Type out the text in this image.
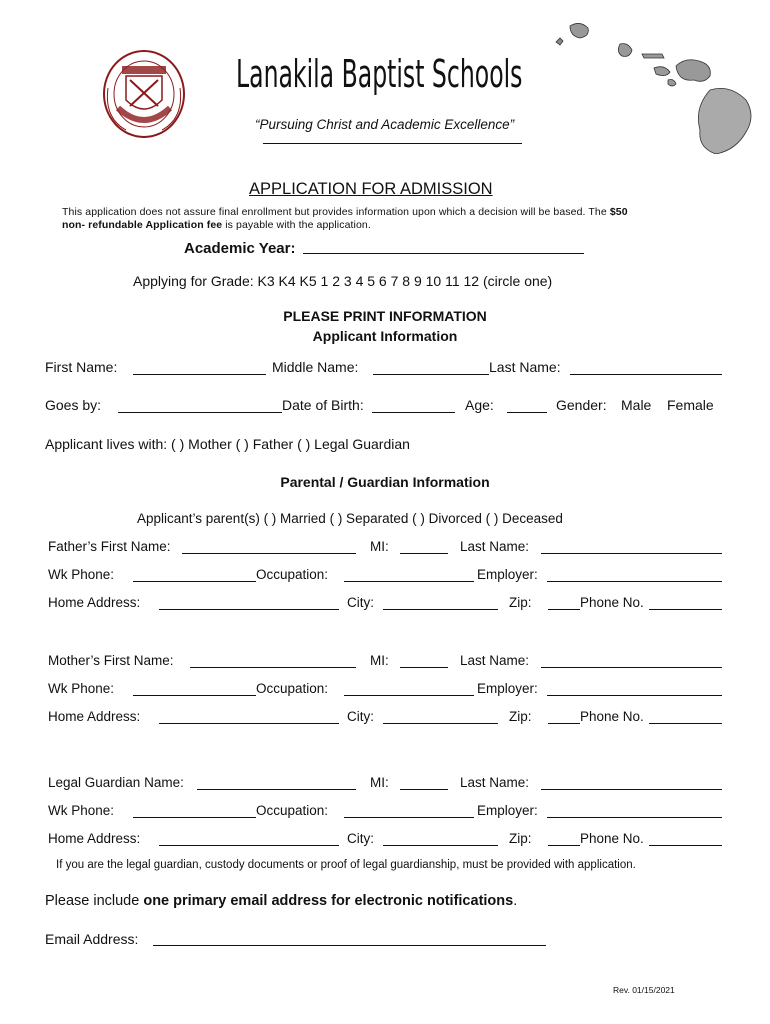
Lanakila Baptist Schools
“Pursuing Christ and Academic Excellence”
APPLICATION FOR ADMISSION
This application does not assure final enrollment but provides information upon which a decision will be based. The $50
non- refundable Application fee is payable with the application.
Academic Year:
Applying for Grade: K3 K4 K5 1 2 3 4 5 6 7 8 9 10 11 12 (circle one)
PLEASE PRINT INFORMATION
Applicant Information
First Name:	Middle Name:	Last Name:
Goes by:	Date of Birth:	Age:	Gender: Male Female
Applicant lives with: ( ) Mother ( ) Father ( ) Legal Guardian
Parental / Guardian Information
Applicant’s parent(s) ( ) Married ( ) Separated ( ) Divorced ( ) Deceased
Father’s First Name:	MI:	Last Name:
Wk Phone:	Occupation:	Employer:
Home Address:	City:	Zip:	Phone No.
Mother’s First Name:	MI:	Last Name:
Wk Phone:	Occupation:	Employer:
Home Address:	City:	Zip:	Phone No.
Legal Guardian Name:	MI:	Last Name:
Wk Phone:	Occupation:	Employer:
Home Address:	City:	Zip:	Phone No.
If you are the legal guardian, custody documents or proof of legal guardianship, must be provided with application.
Please include one primary email address for electronic notifications.
Email Address:
Rev. 01/15/2021
